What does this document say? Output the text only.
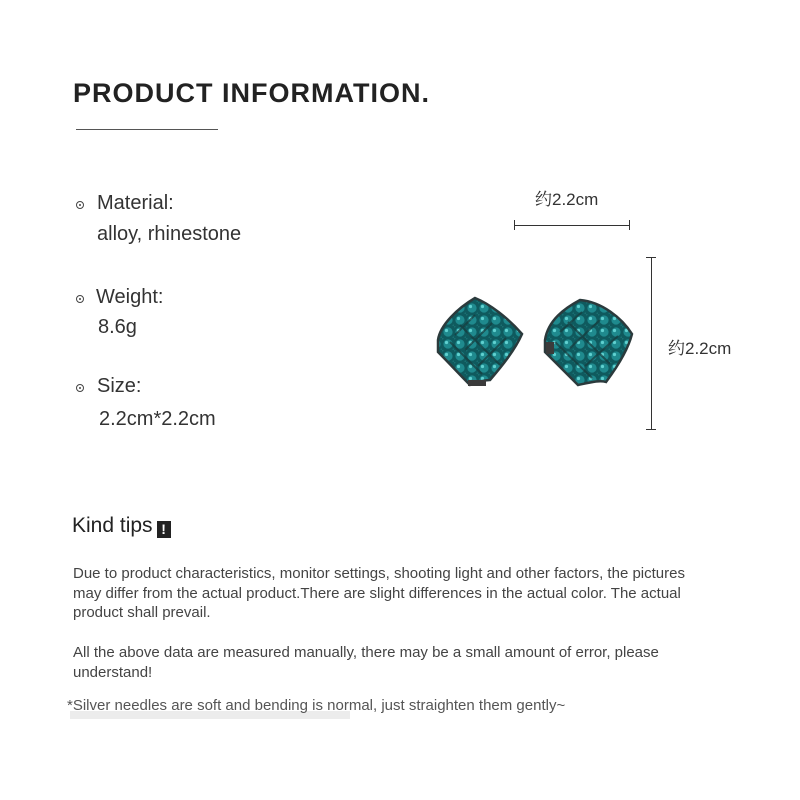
PRODUCT INFORMATION.
Material:
alloy, rhinestone
Weight:
8.6g
Size:
2.2cm*2.2cm
约2.2cm
约2.2cm
Kind tips !
Due to product characteristics, monitor settings, shooting light and other factors, the pictures may differ from the actual product.There are slight differences in the actual color. The actual product shall prevail.
All the above data are measured manually, there may be a small amount of error, please understand!
*Silver needles are soft and bending is normal, just straighten them gently~
